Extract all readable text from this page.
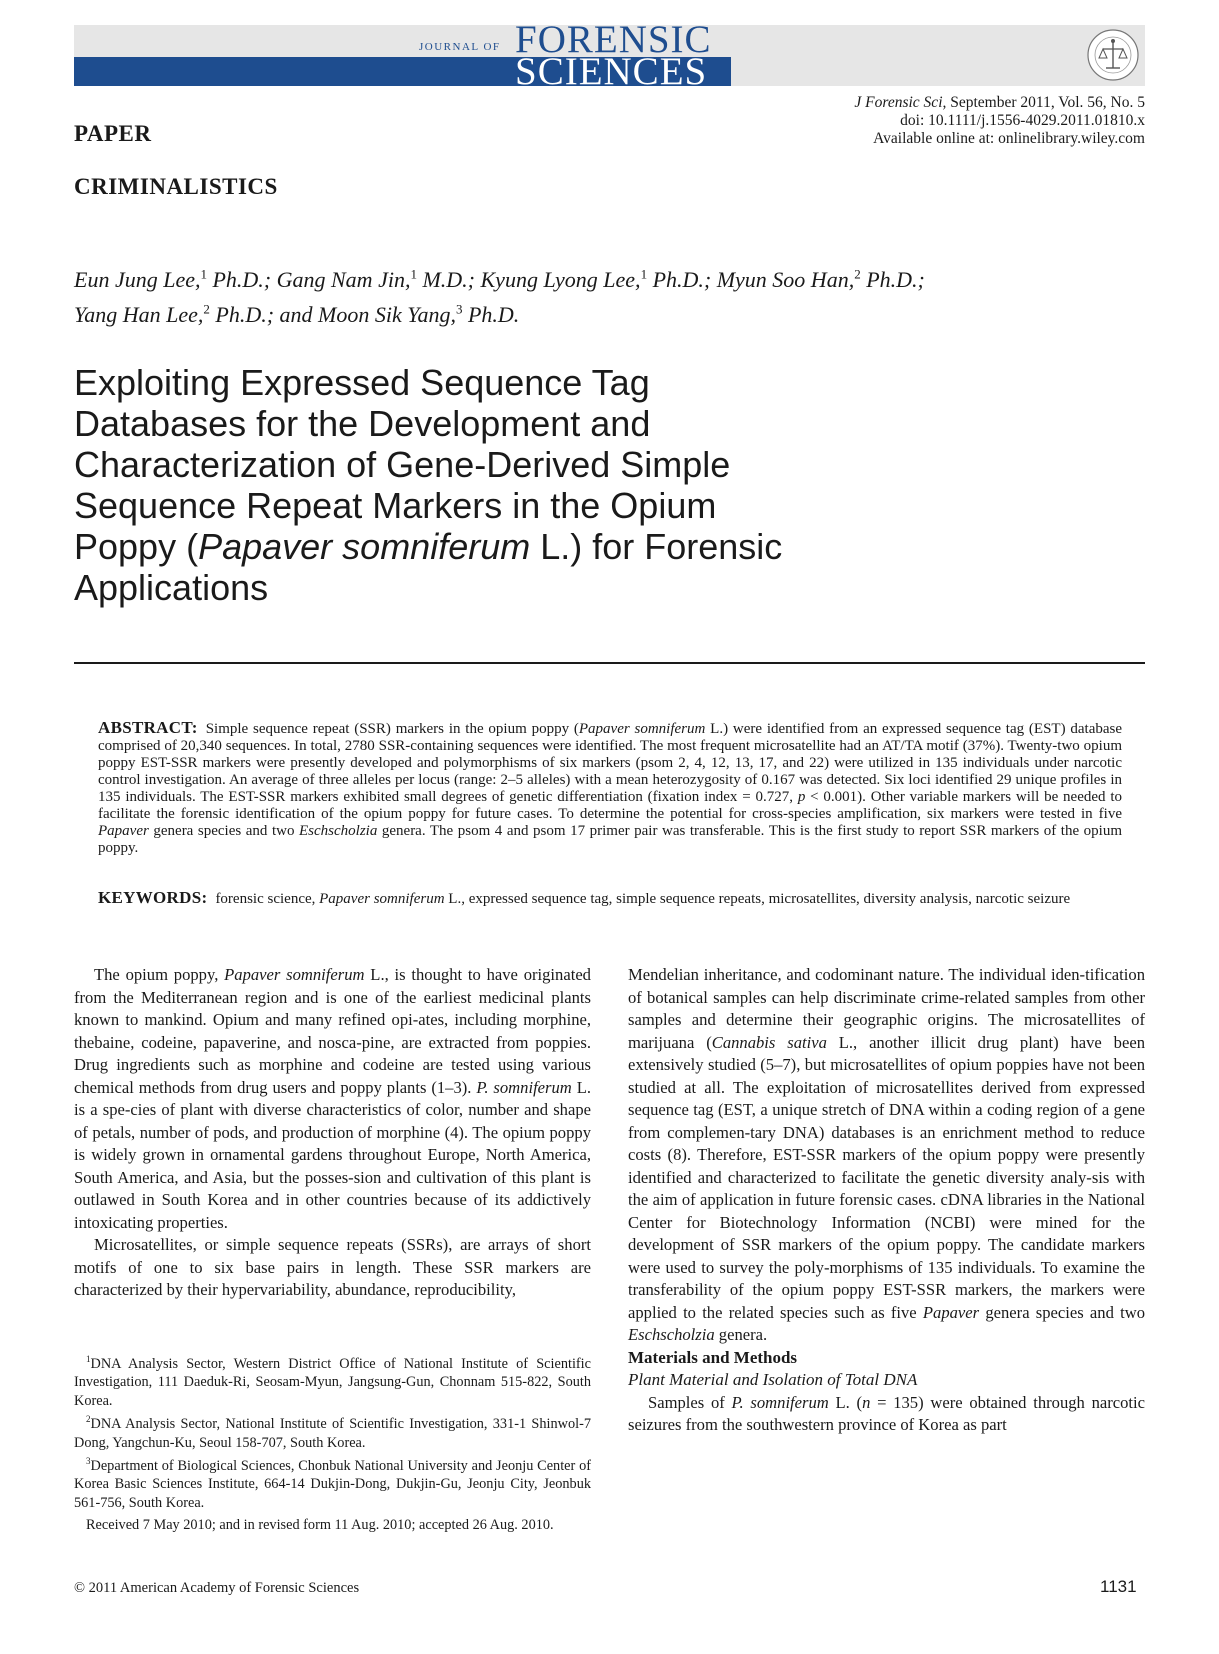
JOURNAL OF FORENSIC
SCIENCES
J Forensic Sci, September 2011, Vol. 56, No. 5
doi: 10.1111/j.1556-4029.2011.01810.x
Available online at: onlinelibrary.wiley.com
PAPER
CRIMINALISTICS
Eun Jung Lee,$^1$ Ph.D.; Gang Nam Jin,$^1$ M.D.; Kyung Lyong Lee,$^1$ Ph.D.; Myun Soo Han,$^2$ Ph.D.;
Yang Han Lee,$^2$ Ph.D.; and Moon Sik Yang,$^3$ Ph.D.
Exploiting Expressed Sequence Tag
Databases for the Development and
Characterization of Gene-Derived Simple
Sequence Repeat Markers in the Opium
Poppy (Papaver somniferum L.) for Forensic
Applications
ABSTRACT: Simple sequence repeat (SSR) markers in the opium poppy (Papaver somniferum L.) were identified from an expressed sequence tag (EST) database comprised of 20,340 sequences. In total, 2780 SSR-containing sequences were identified. The most frequent microsatellite had an AT/TA motif (37%). Twenty-two opium poppy EST-SSR markers were presently developed and polymorphisms of six markers (psom 2, 4, 12, 13, 17, and 22) were utilized in 135 individuals under narcotic control investigation. An average of three alleles per locus (range: 2–5 alleles) with a mean heterozygosity of 0.167 was detected. Six loci identified 29 unique profiles in 135 individuals. The EST-SSR markers exhibited small degrees of genetic differentiation (fixation index = 0.727, p < 0.001). Other variable markers will be needed to facilitate the forensic identification of the opium poppy for future cases. To determine the potential for cross-species amplification, six markers were tested in five Papaver genera species and two Eschscholzia genera. The psom 4 and psom 17 primer pair was transferable. This is the first study to report SSR markers of the opium poppy.
KEYWORDS: forensic science, Papaver somniferum L., expressed sequence tag, simple sequence repeats, microsatellites, diversity analysis, narcotic seizure

The opium poppy, Papaver somniferum L., is thought to have originated from the Mediterranean region and is one of the earliest medicinal plants known to mankind. Opium and many refined opi-ates, including morphine, thebaine, codeine, papaverine, and nosca-pine, are extracted from poppies. Drug ingredients such as morphine and codeine are tested using various chemical methods from drug users and poppy plants (1–3). P. somniferum L. is a spe-cies of plant with diverse characteristics of color, number and shape of petals, number of pods, and production of morphine (4). The opium poppy is widely grown in ornamental gardens throughout Europe, North America, South America, and Asia, but the posses-sion and cultivation of this plant is outlawed in South Korea and in other countries because of its addictively intoxicating properties.

Microsatellites, or simple sequence repeats (SSRs), are arrays of short motifs of one to six base pairs in length. These SSR markers are characterized by their hypervariability, abundance, reproducibility,

$^1$DNA Analysis Sector, Western District Office of National Institute of Scientific Investigation, 111 Daeduk-Ri, Seosam-Myun, Jangsung-Gun, Chonnam 515-822, South Korea.

$^2$DNA Analysis Sector, National Institute of Scientific Investigation, 331-1 Shinwol-7 Dong, Yangchun-Ku, Seoul 158-707, South Korea.

$^3$Department of Biological Sciences, Chonbuk National University and Jeonju Center of Korea Basic Sciences Institute, 664-14 Dukjin-Dong, Dukjin-Gu, Jeonju City, Jeonbuk 561-756, South Korea.

Received 7 May 2010; and in revised form 11 Aug. 2010; accepted 26 Aug. 2010.

Mendelian inheritance, and codominant nature. The individual iden-tification of botanical samples can help discriminate crime-related samples from other samples and determine their geographic origins. The microsatellites of marijuana (Cannabis sativa L., another illicit drug plant) have been extensively studied (5–7), but microsatellites of opium poppies have not been studied at all. The exploitation of microsatellites derived from expressed sequence tag (EST, a unique stretch of DNA within a coding region of a gene from complemen-tary DNA) databases is an enrichment method to reduce costs (8). Therefore, EST-SSR markers of the opium poppy were presently identified and characterized to facilitate the genetic diversity analy-sis with the aim of application in future forensic cases. cDNA libraries in the National Center for Biotechnology Information (NCBI) were mined for the development of SSR markers of the opium poppy. The candidate markers were used to survey the poly-morphisms of 135 individuals. To examine the transferability of the opium poppy EST-SSR markers, the markers were applied to the related species such as five Papaver genera species and two Eschscholzia genera.

Materials and Methods

Plant Material and Isolation of Total DNA

Samples of P. somniferum L. (n = 135) were obtained through narcotic seizures from the southwestern province of Korea as part

© 2011 American Academy of Forensic Sciences	1131
